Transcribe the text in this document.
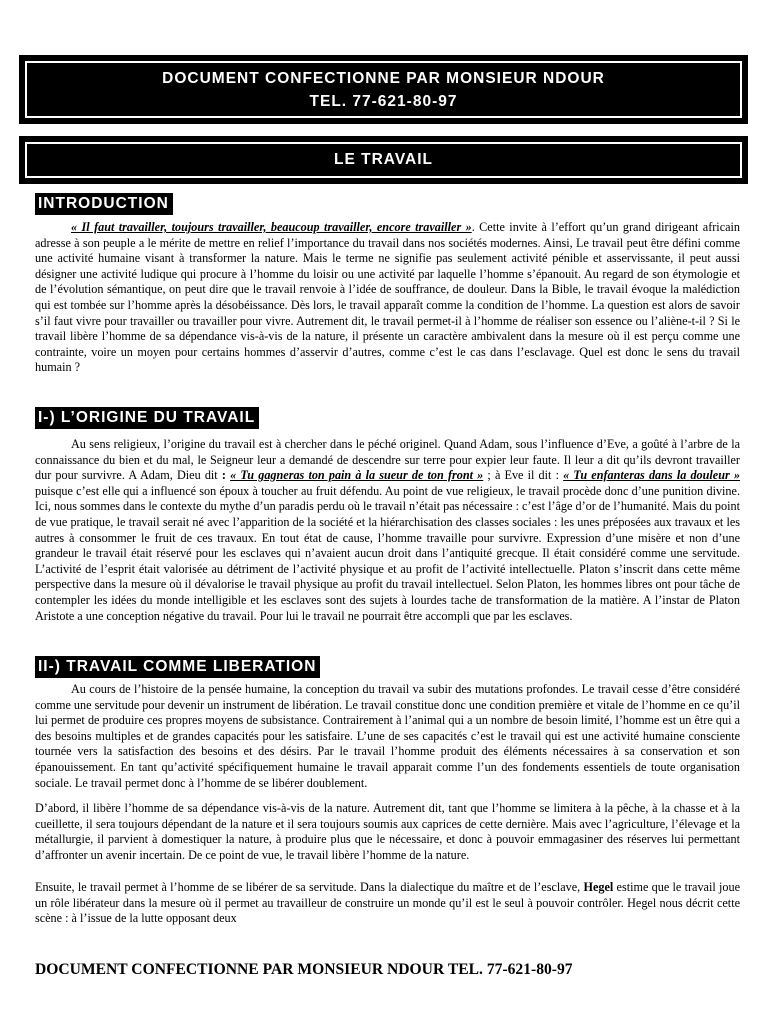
DOCUMENT CONFECTIONNE PAR MONSIEUR NDOUR
TEL. 77-621-80-97
LE TRAVAIL
INTRODUCTION
« Il faut travailler, toujours travailler, beaucoup travailler, encore travailler ». Cette invite à l’effort qu’un grand dirigeant africain adresse à son peuple a le mérite de mettre en relief l’importance du travail dans nos sociétés modernes. Ainsi, Le travail peut être défini comme une activité humaine visant à transformer la nature. Mais le terme ne signifie pas seulement activité pénible et asservissante, il peut aussi désigner une activité ludique qui procure à l’homme du loisir ou une activité par laquelle l’homme s’épanouit. Au regard de son étymologie et de l’évolution sémantique, on peut dire que le travail renvoie à l’idée de souffrance, de douleur. Dans la Bible, le travail évoque la malédiction qui est tombée sur l’homme après la désobéissance. Dès lors, le travail apparaît comme la condition de l’homme. La question est alors de savoir s’il faut vivre pour travailler ou travailler pour vivre. Autrement dit, le travail permet-il à l’homme de réaliser son essence ou l’aliène-t-il ? Si le travail libère l’homme de sa dépendance vis-à-vis de la nature, il présente un caractère ambivalent dans la mesure où il est perçu comme une contrainte, voire un moyen pour certains hommes d’asservir d’autres, comme c’est le cas dans l’esclavage. Quel est donc le sens du travail humain ?
I-) L’ORIGINE DU TRAVAIL
Au sens religieux, l’origine du travail est à chercher dans le péché originel. Quand Adam, sous l’influence d’Eve, a goûté à l’arbre de la connaissance du bien et du mal, le Seigneur leur a demandé de descendre sur terre pour expier leur faute. Il leur a dit qu’ils devront travailler dur pour survivre. A Adam, Dieu dit : « Tu gagneras ton pain à la sueur de ton front » ; à Eve il dit : « Tu enfanteras dans la douleur » puisque c’est elle qui a influencé son époux à toucher au fruit défendu. Au point de vue religieux, le travail procède donc d’une punition divine. Ici, nous sommes dans le contexte du mythe d’un paradis perdu où le travail n’était pas nécessaire : c’est l’âge d’or de l’humanité. Mais du point de vue pratique, le travail serait né avec l’apparition de la société et la hiérarchisation des classes sociales : les unes préposées aux travaux et les autres à consommer le fruit de ces travaux. En tout état de cause, l’homme travaille pour survivre. Expression d’une misère et non d’une grandeur le travail était réservé pour les esclaves qui n’avaient aucun droit dans l’antiquité grecque. Il était considéré comme une servitude. L’activité de l’esprit était valorisée au détriment de l’activité physique et au profit de l’activité intellectuelle. Platon s’inscrit dans cette même perspective dans la mesure où il dévalorise le travail physique au profit du travail intellectuel. Selon Platon, les hommes libres ont pour tâche de contempler les idées du monde intelligible et les esclaves sont des sujets à lourdes tache de transformation de la matière. A l’instar de Platon Aristote a une conception négative du travail. Pour lui le travail ne pourrait être accompli que par les esclaves.
II-) TRAVAIL COMME LIBERATION
Au cours de l’histoire de la pensée humaine, la conception du travail va subir des mutations profondes. Le travail cesse d’être considéré comme une servitude pour devenir un instrument de libération. Le travail constitue donc une condition première et vitale de l’homme en ce qu’il lui permet de produire ces propres moyens de subsistance. Contrairement à l’animal qui a un nombre de besoin limité, l’homme est un être qui a des besoins multiples et de grandes capacités pour les satisfaire. L’une de ses capacités c’est le travail qui est une activité humaine consciente tournée vers la satisfaction des besoins et des désirs. Par le travail l’homme produit des éléments nécessaires à sa conservation et son épanouissement. En tant qu’activité spécifiquement humaine le travail apparait comme l’un des fondements essentiels de toute organisation sociale. Le travail permet donc à l’homme de se libérer doublement.
D’abord, il libère l’homme de sa dépendance vis-à-vis de la nature. Autrement dit, tant que l’homme se limitera à la pêche, à la chasse et à la cueillette, il sera toujours dépendant de la nature et il sera toujours soumis aux caprices de cette dernière. Mais avec l’agriculture, l’élevage et la métallurgie, il parvient à domestiquer la nature, à produire plus que le nécessaire, et donc à pouvoir emmagasiner des réserves lui permettant d’affronter un avenir incertain. De ce point de vue, le travail libère l’homme de la nature.
Ensuite, le travail permet à l’homme de se libérer de sa servitude. Dans la dialectique du maître et de l’esclave, Hegel estime que le travail joue un rôle libérateur dans la mesure où il permet au travailleur de construire un monde qu’il est le seul à pouvoir contrôler. Hegel nous décrit cette scène : à l’issue de la lutte opposant deux
DOCUMENT CONFECTIONNE PAR MONSIEUR NDOUR TEL. 77-621-80-97
